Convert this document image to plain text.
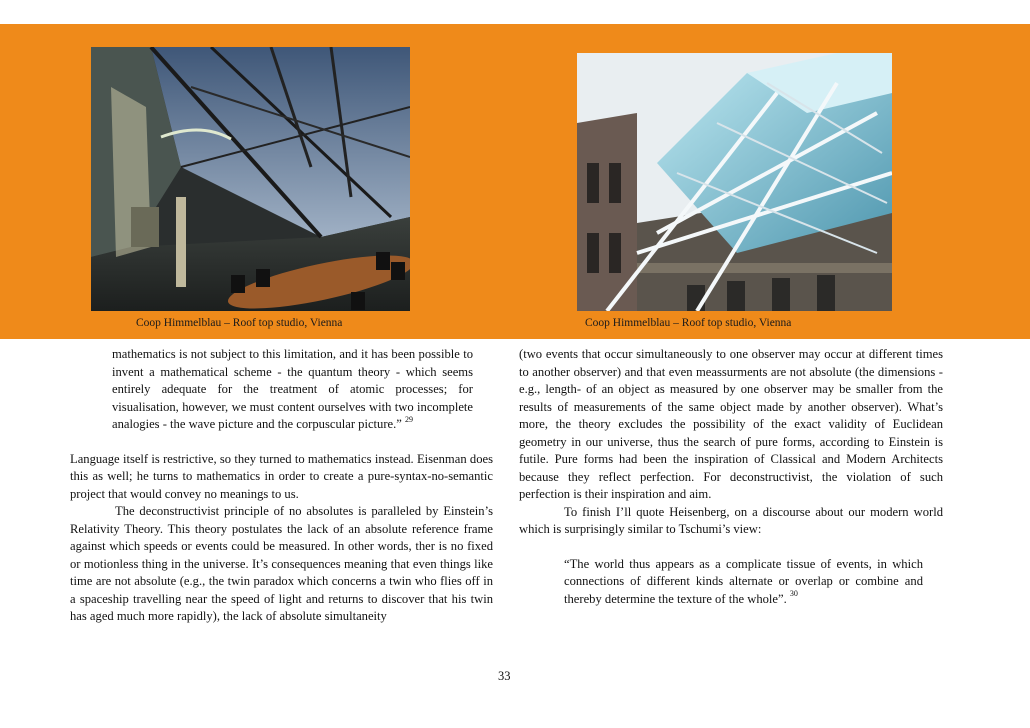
Coop Himmelblau – Roof top studio, Vienna	Coop Himmelblau – Roof top studio, Vienna

mathematics is not subject to this limitation, and it has been possible to invent a mathematical scheme - the quantum theory - which seems entirely adequate for the treatment of atomic processes; for visualisation, however, we must content ourselves with two incomplete analogies - the wave picture and the corpuscular picture.” $^{29}$

Language itself is restrictive, so they turned to mathematics instead. Eisenman does this as well; he turns to mathematics in order to create a pure-syntax-no-semantic project that would convey no meanings to us.

The deconstructivist principle of no absolutes is paralleled by Einstein’s Relativity Theory. This theory postulates the lack of an absolute reference frame against which speeds or events could be measured. In other words, ther is no fixed or motionless thing in the universe. It’s consequences meaning that even things like time are not absolute (e.g., the twin paradox which concerns a twin who flies off in a spaceship travelling near the speed of light and returns to discover that his twin has aged much more rapidly), the lack of absolute simultaneity

(two events that occur simultaneously to one observer may occur at different times to another observer) and that even meassurments are not absolute (the dimensions -e.g., length- of an object as measured by one observer may be smaller from the results of measurements of the same object made by another observer). What’s more, the theory excludes the possibility of the exact validity of Euclidean geometry in our universe, thus the search of pure forms, according to Einstein is futile. Pure forms had been the inspiration of Classical and Modern Architects because they reflect perfection. For deconstructivist, the violation of such perfection is their inspiration and aim.

To finish I’ll quote Heisenberg, on a discourse about our modern world which is surprisingly similar to Tschumi’s view:

“The world thus appears as a complicate tissue of events, in which connections of different kinds alternate or overlap or combine and thereby determine the texture of the whole”. $^{30}$

33
